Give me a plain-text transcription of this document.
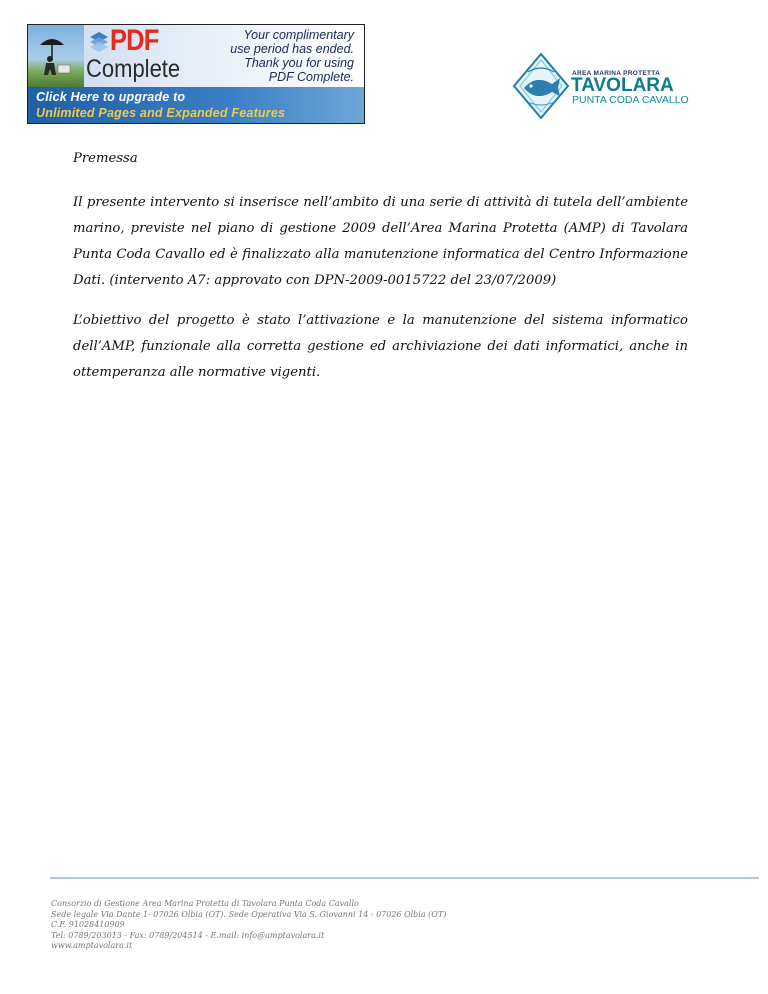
PDF
Complete
Your complimentary
use period has ended.
Thank you for using
PDF Complete.
Click Here to upgrade to
Unlimited Pages and Expanded Features
AREA MARINA PROTETTA
TAVOLARA
PUNTA CODA CAVALLO

Premessa

Il presente intervento si inserisce nell’ambito di una serie di attività di tutela dell’ambiente marino, previste nel piano di gestione 2009 dell’Area Marina Protetta (AMP) di Tavolara Punta Coda Cavallo ed è finalizzato alla manutenzione informatica del Centro Informazione Dati. (intervento A7: approvato con DPN-2009-0015722 del 23/07/2009)

L’obiettivo del progetto è stato l’attivazione e la manutenzione del sistema informatico dell’AMP, funzionale alla corretta gestione ed archiviazione dei dati informatici, anche in ottemperanza alle normative vigenti.

Consorzio di Gestione Area Marina Protetta di Tavolara Punta Coda Cavallo
Sede legale Via Dante 1- 07026 Olbia (OT). Sede Operativa Via S. Giovanni 14 - 07026 Olbia (OT)
C.F. 91028410909
Tel: 0789/203013 - Fax: 0789/204514 - E.mail: info@amptavolara.it
www.amptavolara.it
